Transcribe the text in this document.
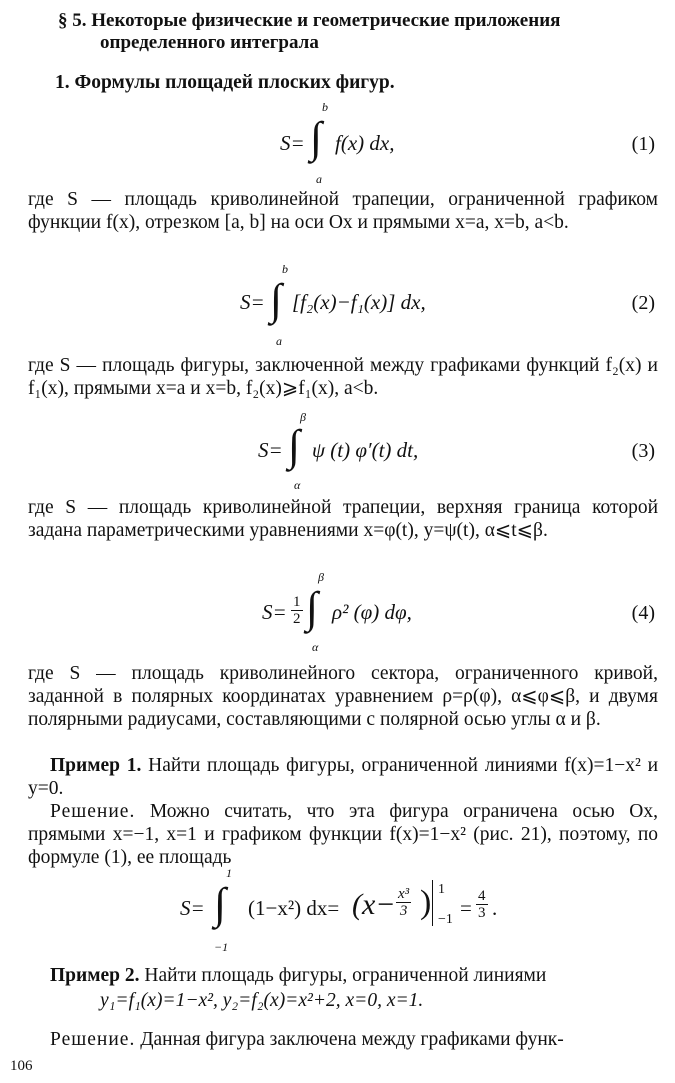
§ 5. Некоторые физические и геометрические приложения
определенного интеграла
1. Формулы площадей плоских фигур.
S=
b
∫
a
f(x) dx,	(1)
где S — площадь криволинейной трапеции, ограниченной графиком функции f(x), отрезком [a, b] на оси Ox и прямыми x=a, x=b, a<b.
S=
b
∫
a
[f₂(x)−f₁(x)] dx,	(2)
где S — площадь фигуры, заключенной между графиками функций f₂(x) и f₁(x), прямыми x=a и x=b, f₂(x)⩾f₁(x), a<b.
S=
β
∫
α
ψ (t) φ′(t) dt,	(3)
где S — площадь криволинейной трапеции, верхняя граница которой задана параметрическими уравнениями x=φ(t), y=ψ(t), α⩽t⩽β.
$S= \frac{1}{2}$
β
∫
α
ρ² (φ) dφ,	(4)
где S — площадь криволинейного сектора, ограниченного кривой, заданной в полярных координатах уравнением ρ=ρ(φ), α⩽φ⩽β, и двумя полярными радиусами, составляющими с полярной осью углы α и β.
Пример 1. Найти площадь фигуры, ограниченной линиями f(x)=1−x² и y=0.
Решение. Можно считать, что эта фигура ограничена осью Ox, прямыми x=−1, x=1 и графиком функции f(x)=1−x² (рис. 21), поэтому, по формуле (1), ее площадь
S=
1
∫
−1
(1−x²) $dx= (x- \frac{\text{x³}}{3}$ ) 1
$-1 = \frac{4}{3}$ .
Пример 2. Найти площадь фигуры, ограниченной линиями
y₁=f₁(x)=1−x², y₂=f₂(x)=x²+2, x=0, x=1.
Решение. Данная фигура заключена между графиками функ-
106
